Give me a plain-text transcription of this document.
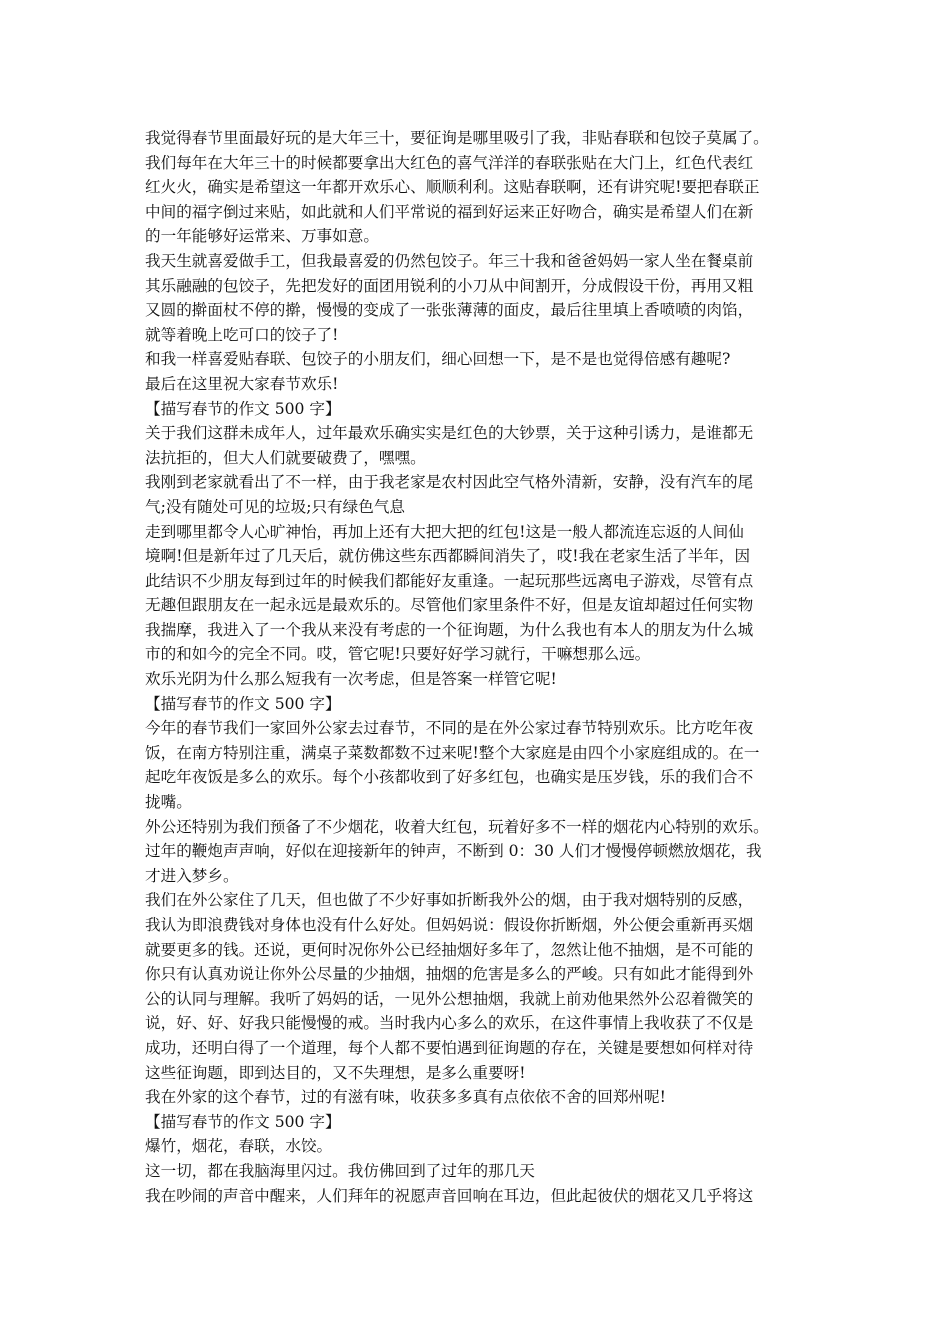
我觉得春节里面最好玩的是大年三十，要征询是哪里吸引了我，非贴春联和包饺子莫属了。
我们每年在大年三十的时候都要拿出大红色的喜气洋洋的春联张贴在大门上，红色代表红
红火火，确实是希望这一年都开欢乐心、顺顺利利。这贴春联啊，还有讲究呢!要把春联正
中间的福字倒过来贴，如此就和人们平常说的福到好运来正好吻合，确实是希望人们在新
的一年能够好运常来、万事如意。
我天生就喜爱做手工，但我最喜爱的仍然包饺子。年三十我和爸爸妈妈一家人坐在餐桌前
其乐融融的包饺子，先把发好的面团用锐利的小刀从中间割开，分成假设干份，再用又粗
又圆的擀面杖不停的擀，慢慢的变成了一张张薄薄的面皮，最后往里填上香喷喷的肉馅，
就等着晚上吃可口的饺子了!
和我一样喜爱贴春联、包饺子的小朋友们，细心回想一下，是不是也觉得倍感有趣呢?
最后在这里祝大家春节欢乐!
【描写春节的作文 500 字】
关于我们这群未成年人，过年最欢乐确实实是红色的大钞票，关于这种引诱力，是谁都无
法抗拒的，但大人们就要破费了，嘿嘿。
我刚到老家就看出了不一样，由于我老家是农村因此空气格外清新，安静，没有汽车的尾
气;没有随处可见的垃圾;只有绿色气息
走到哪里都令人心旷神怡，再加上还有大把大把的红包!这是一般人都流连忘返的人间仙
境啊!但是新年过了几天后，就仿佛这些东西都瞬间消失了，哎!我在老家生活了半年，因
此结识不少朋友每到过年的时候我们都能好友重逢。一起玩那些远离电子游戏，尽管有点
无趣但跟朋友在一起永远是最欢乐的。尽管他们家里条件不好，但是友谊却超过任何实物
我揣摩，我进入了一个我从来没有考虑的一个征询题，为什么我也有本人的朋友为什么城
市的和如今的完全不同。哎，管它呢!只要好好学习就行，干嘛想那么远。
欢乐光阴为什么那么短我有一次考虑，但是答案一样管它呢!
【描写春节的作文 500 字】
今年的春节我们一家回外公家去过春节，不同的是在外公家过春节特别欢乐。比方吃年夜
饭，在南方特别注重，满桌子菜数都数不过来呢!整个大家庭是由四个小家庭组成的。在一
起吃年夜饭是多么的欢乐。每个小孩都收到了好多红包，也确实是压岁钱，乐的我们合不
拢嘴。
外公还特别为我们预备了不少烟花，收着大红包，玩着好多不一样的烟花内心特别的欢乐。
过年的鞭炮声声响，好似在迎接新年的钟声，不断到 0：30 人们才慢慢停顿燃放烟花，我
才进入梦乡。
我们在外公家住了几天，但也做了不少好事如折断我外公的烟，由于我对烟特别的反感，
我认为即浪费钱对身体也没有什么好处。但妈妈说：假设你折断烟，外公便会重新再买烟
就要更多的钱。还说，更何时况你外公已经抽烟好多年了，忽然让他不抽烟，是不可能的
你只有认真劝说让你外公尽量的少抽烟，抽烟的危害是多么的严峻。只有如此才能得到外
公的认同与理解。我听了妈妈的话，一见外公想抽烟，我就上前劝他果然外公忍着微笑的
说，好、好、好我只能慢慢的戒。当时我内心多么的欢乐，在这件事情上我收获了不仅是
成功，还明白得了一个道理，每个人都不要怕遇到征询题的存在，关键是要想如何样对待
这些征询题，即到达目的，又不失理想，是多么重要呀!
我在外家的这个春节，过的有滋有味，收获多多真有点依依不舍的回郑州呢!
【描写春节的作文 500 字】
爆竹，烟花，春联，水饺。
这一切，都在我脑海里闪过。我仿佛回到了过年的那几天
我在吵闹的声音中醒来，人们拜年的祝愿声音回响在耳边，但此起彼伏的烟花又几乎将这
